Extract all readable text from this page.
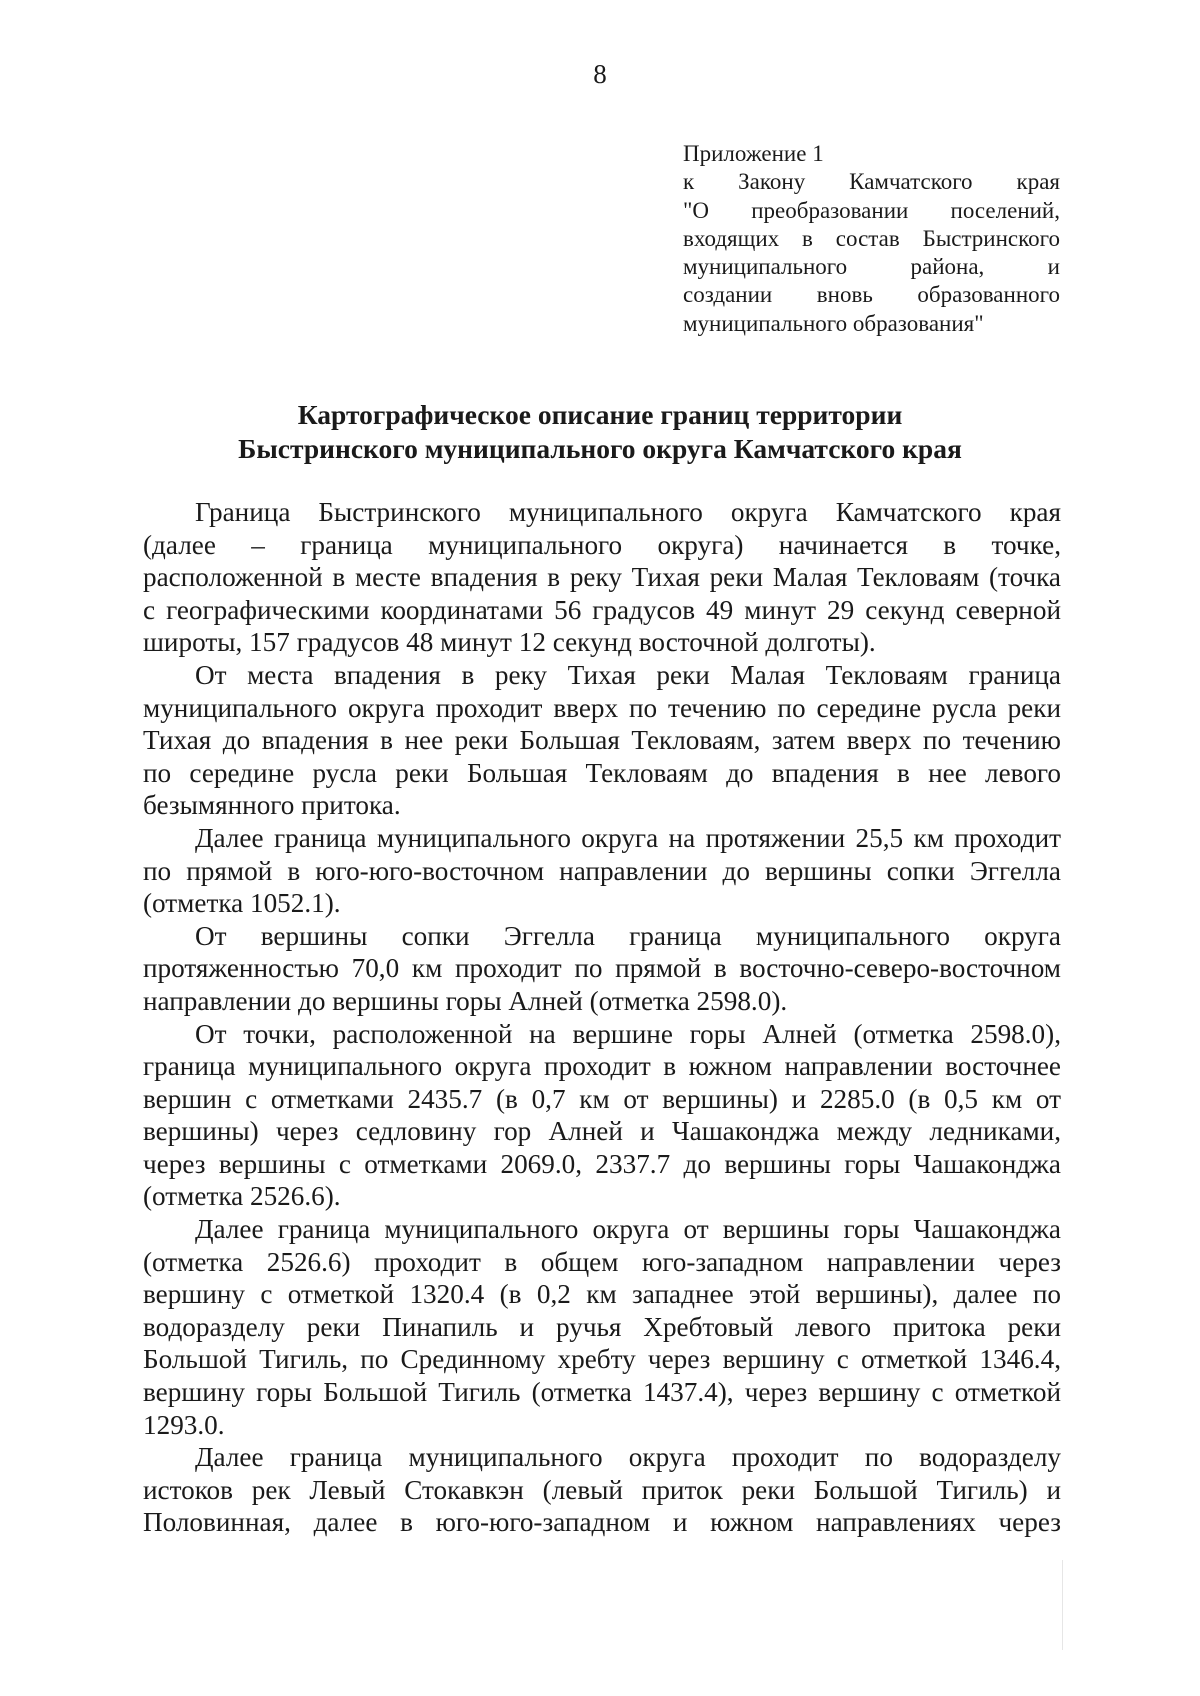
8
Приложение 1
к Закону Камчатского края
"О преобразовании поселений,
входящих в состав Быстринского
муниципального района, и
создании вновь образованного
муниципального образования"
Картографическое описание границ территории
Быстринского муниципального округа Камчатского края
Граница Быстринского муниципального округа Камчатского края
(далее – граница муниципального округа) начинается в точке,
расположенной в месте впадения в реку Тихая реки Малая Текловаям (точка
с географическими координатами 56 градусов 49 минут 29 секунд северной
широты, 157 градусов 48 минут 12 секунд восточной долготы).
От места впадения в реку Тихая реки Малая Текловаям граница
муниципального округа проходит вверх по течению по середине русла реки
Тихая до впадения в нее реки Большая Текловаям, затем вверх по течению
по середине русла реки Большая Текловаям до впадения в нее левого
безымянного притока.
Далее граница муниципального округа на протяжении 25,5 км проходит
по прямой в юго-юго-восточном направлении до вершины сопки Эггелла
(отметка 1052.1).
От вершины сопки Эггелла граница муниципального округа
протяженностью 70,0 км проходит по прямой в восточно-северо-восточном
направлении до вершины горы Алней (отметка 2598.0).
От точки, расположенной на вершине горы Алней (отметка 2598.0),
граница муниципального округа проходит в южном направлении восточнее
вершин с отметками 2435.7 (в 0,7 км от вершины) и 2285.0 (в 0,5 км от
вершины) через седловину гор Алней и Чашаконджа между ледниками,
через вершины с отметками 2069.0, 2337.7 до вершины горы Чашаконджа
(отметка 2526.6).
Далее граница муниципального округа от вершины горы Чашаконджа
(отметка 2526.6) проходит в общем юго-западном направлении через
вершину с отметкой 1320.4 (в 0,2 км западнее этой вершины), далее по
водоразделу реки Пинапиль и ручья Хребтовый левого притока реки
Большой Тигиль, по Срединному хребту через вершину с отметкой 1346.4,
вершину горы Большой Тигиль (отметка 1437.4), через вершину с отметкой
1293.0.
Далее граница муниципального округа проходит по водоразделу
истоков рек Левый Стокавкэн (левый приток реки Большой Тигиль) и
Половинная, далее в юго-юго-западном и южном направлениях через
